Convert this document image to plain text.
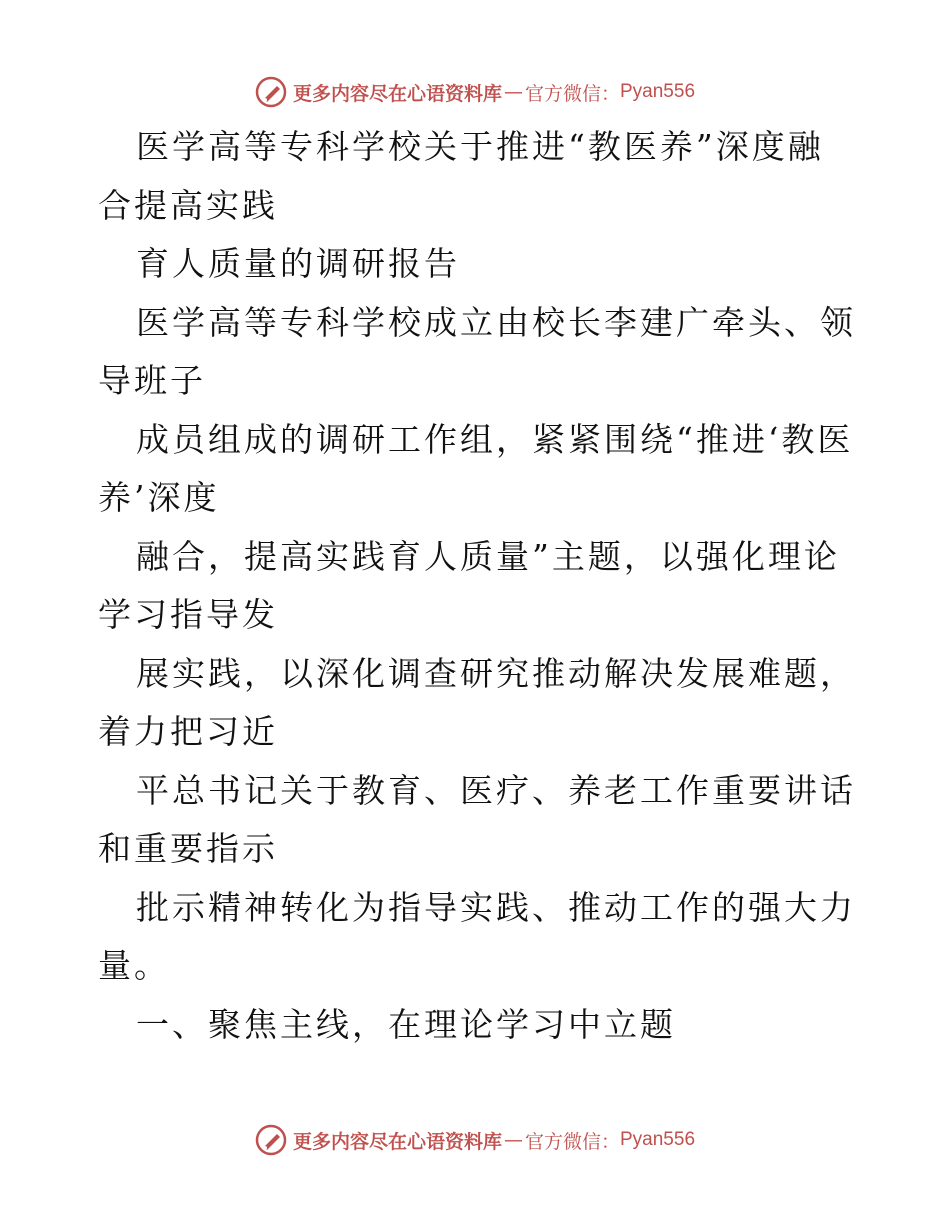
更多内容尽在心语资料库 — 官方微信： Pyan556

医学高等专科学校关于推进“教医养”深度融合提高实践

育人质量的调研报告

医学高等专科学校成立由校长李建广牵头、领导班子

成员组成的调研工作组，紧紧围绕“推进‘教医养’深度

融合，提高实践育人质量”主题，以强化理论学习指导发

展实践，以深化调查研究推动解决发展难题，着力把习近

平总书记关于教育、医疗、养老工作重要讲话和重要指示

批示精神转化为指导实践、推动工作的强大力量。

一、聚焦主线，在理论学习中立题

更多内容尽在心语资料库 — 官方微信： Pyan556
